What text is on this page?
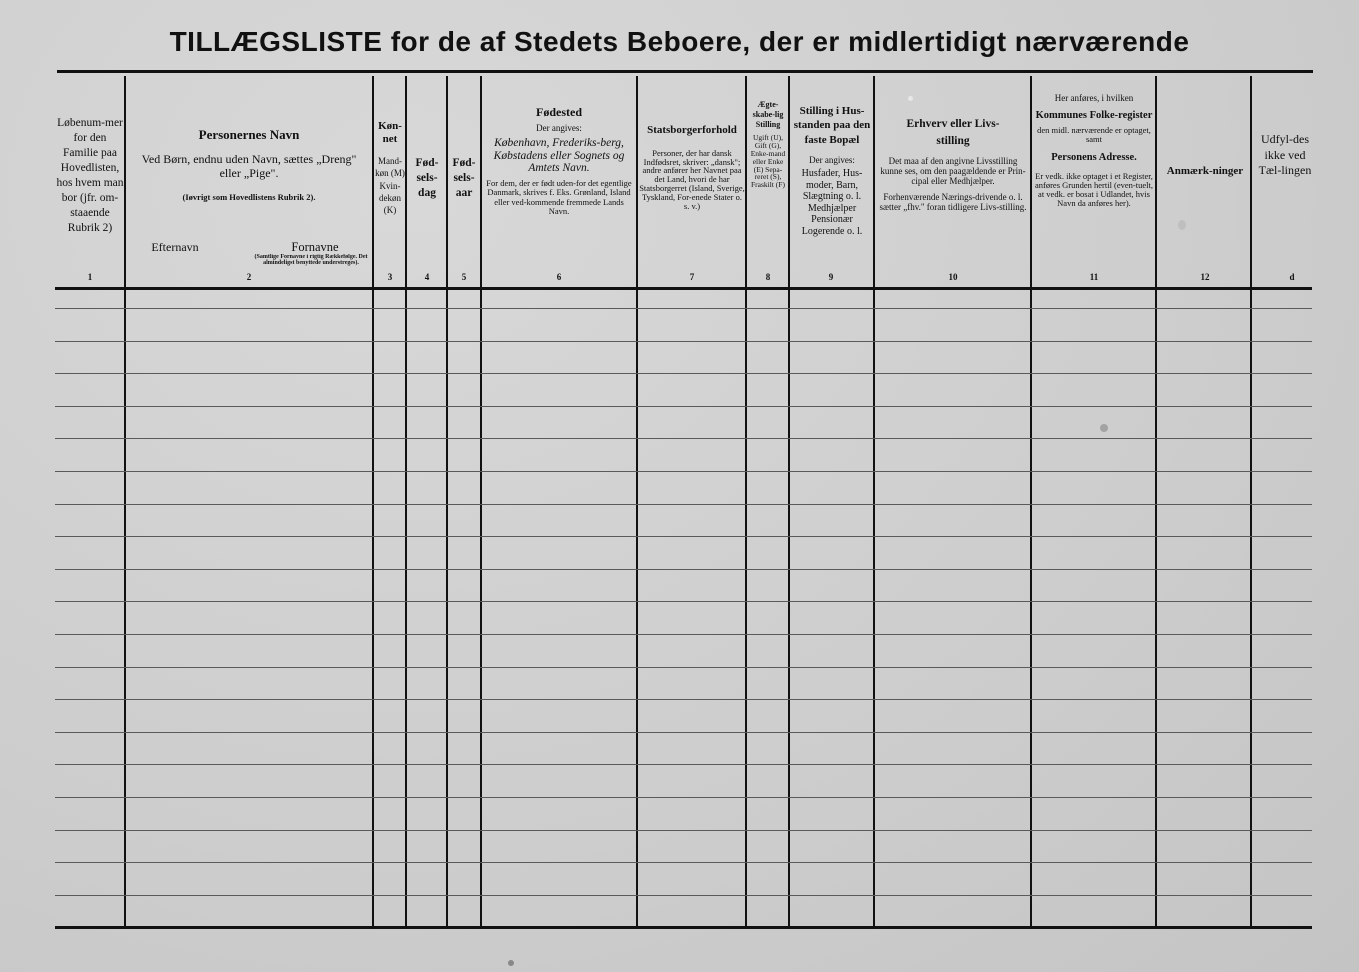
TILLÆGSLISTE for de af Stedets Beboere, der er midlertidigt nærværende

Løbenum-mer for den Familie paa Hovedlisten, hos hvem man bor (jfr. om-staaende Rubrik 2)

Personernes Navn

Ved Børn, endnu uden Navn, sættes „Dreng" eller „Pige".

(Iøvrigt som Hovedlistens Rubrik 2).

Efternavn	Fornavne
(Samtlige Fornavne i rigtig Rækkefølge. Det almindeligst benyttede understreges).

Køn-net

Mand-køn (M) Kvin-dekøn (K)

Fød-sels-dag
Fød-sels-aar

Fødested

Der angives:

København, Frederiks-berg, Købstadens eller Sognets og Amtets Navn.

For dem, der er født uden-for det egentlige Danmark, skrives f. Eks. Grønland, Island eller ved-kommende fremmede Lands Navn.

Statsborgerforhold

Personer, der har dansk Indfødsret, skriver: „dansk"; andre anfører her Navnet paa det Land, hvori de har Statsborgerret (Island, Sverige, Tyskland, For-enede Stater o. s. v.)

Ægte-skabe-lig Stilling

Ugift (U), Gift (G), Enke-mand eller Enke (E) Sepa-reret (S), Fraskilt (F)

Stilling i Hus-standen paa den faste Bopæl

Der angives:

Husfader, Hus-moder, Barn, Slægtning o. l. Medhjælper Pensionær Logerende o. l.

Erhverv eller Livs-stilling

Det maa af den angivne Livsstilling kunne ses, om den paagældende er Prin-cipal eller Medhjælper.

Forhenværende Nærings-drivende o. l. sætter „fhv." foran tidligere Livs-stilling.

Her anføres, i hvilken

Kommunes Folke-register

den midl. nærværende er optaget, samt

Personens Adresse.

Er vedk. ikke optaget i et Register, anføres Grunden hertil (even-tuelt, at vedk. er bosat i Udlandet, hvis Navn da anføres her).

Anmærk-ninger
Udfyl-des ikke ved Tæl-lingen
1	2	3	4	5	6	7	8	9	10	11	12	d
